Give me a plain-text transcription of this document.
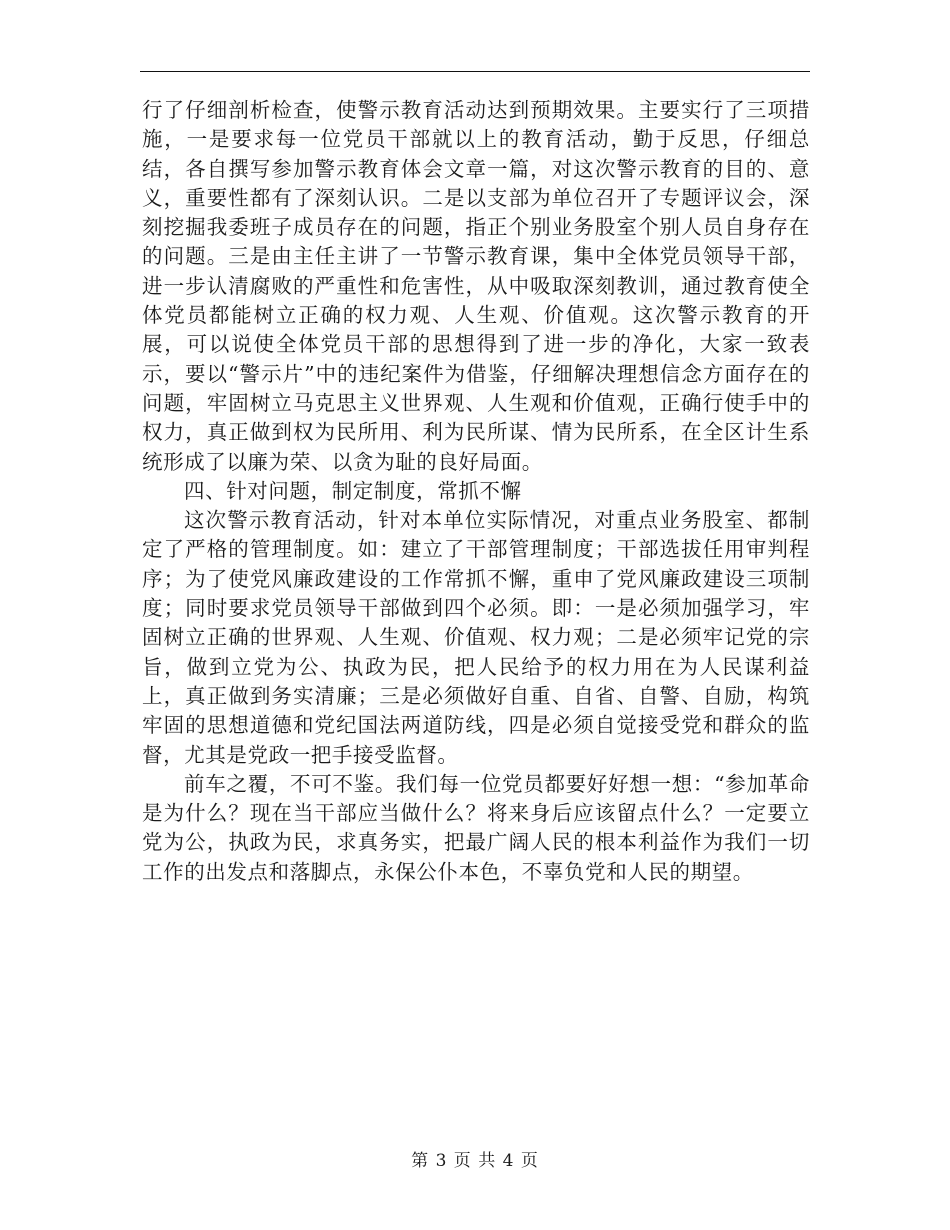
行了仔细剖析检查，使警示教育活动达到预期效果。主要实行了三项措施，一是要求每一位党员干部就以上的教育活动，勤于反思，仔细总结，各自撰写参加警示教育体会文章一篇，对这次警示教育的目的、意义，重要性都有了深刻认识。二是以支部为单位召开了专题评议会，深刻挖掘我委班子成员存在的问题，指正个别业务股室个别人员自身存在的问题。三是由主任主讲了一节警示教育课，集中全体党员领导干部，进一步认清腐败的严重性和危害性，从中吸取深刻教训，通过教育使全体党员都能树立正确的权力观、人生观、价值观。这次警示教育的开展，可以说使全体党员干部的思想得到了进一步的净化，大家一致表示，要以“警示片”中的违纪案件为借鉴，仔细解决理想信念方面存在的问题，牢固树立马克思主义世界观、人生观和价值观，正确行使手中的权力，真正做到权为民所用、利为民所谋、情为民所系，在全区计生系统形成了以廉为荣、以贪为耻的良好局面。

四、针对问题，制定制度，常抓不懈

这次警示教育活动，针对本单位实际情况，对重点业务股室、都制定了严格的管理制度。如：建立了干部管理制度；干部选拔任用审判程序；为了使党风廉政建设的工作常抓不懈，重申了党风廉政建设三项制度；同时要求党员领导干部做到四个必须。即：一是必须加强学习，牢固树立正确的世界观、人生观、价值观、权力观；二是必须牢记党的宗旨，做到立党为公、执政为民，把人民给予的权力用在为人民谋利益上，真正做到务实清廉；三是必须做好自重、自省、自警、自励，构筑牢固的思想道德和党纪国法两道防线，四是必须自觉接受党和群众的监督，尤其是党政一把手接受监督。

前车之覆，不可不鉴。我们每一位党员都要好好想一想：“参加革命是为什么？现在当干部应当做什么？将来身后应该留点什么？一定要立党为公，执政为民，求真务实，把最广阔人民的根本利益作为我们一切工作的出发点和落脚点，永保公仆本色，不辜负党和人民的期望。

第 3 页 共 4 页
